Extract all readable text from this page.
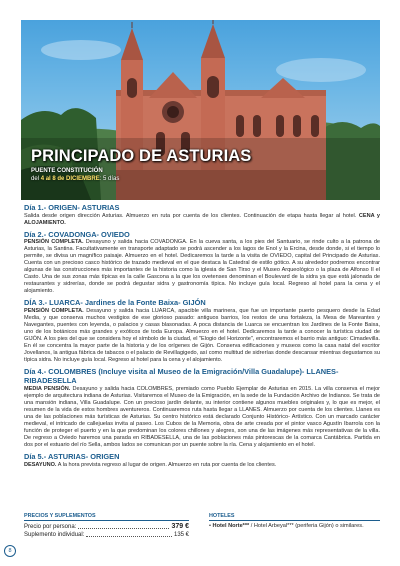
PRINCIPADO DE ASTURIAS
PUENTE CONSTITUCIÓN
del 4 al 8 de DICIEMBRE: 5 días
Día 1.- ORIGEN- ASTURIAS

Salida desde origen dirección Asturias. Almuerzo en ruta por cuenta de los clientes. Continuación de etapa hasta llegar al hotel. CENA y ALOJAMIENTO.

Día 2.- COVADONGA- OVIEDO

PENSIÓN COMPLETA. Desayuno y salida hacia COVADONGA. En la cueva santa, a los pies del Santuario, se rinde culto a la patrona de Asturias, la Santina. Facultativamente en transporte adaptado se podrá ascender a los lagos de Enol y la Ercina, desde donde, si el tiempo lo permite, se divisa un magnífico paisaje. Almuerzo en el hotel. Dedicaremos la tarde a la visita de OVIEDO, capital del Principado de Asturias. Cuenta con un precioso casco histórico de trazado medieval en el que destaca la Catedral de estilo gótico. A su alrededor podremos encontrar algunas de las construcciones más importantes de la historia como la iglesia de San Tirso y el Museo Arqueológico o la plaza de Alfonso II el Casto. Una de sus zonas más típicas es la calle Gascona a la que los ovetenses denominan el Boulevard de la sidra ya que está jalonada de restaurantes y sidrerías, donde se podrá degustar sidra y gastronomía típica. No incluye guía local. Regreso al hotel para la cena y el alojamiento.

DÍA 3.- LUARCA- Jardines de la Fonte Baixa- GIJÓN

PENSIÓN COMPLETA. Desayuno y salida hacia LUARCA, apacible villa marinera, que fue un importante puerto pesquero desde la Edad Media, y que conserva muchos vestigios de ese glorioso pasado: antiguos barrios, los restos de una fortaleza, la Mesa de Mareantes y Navegantes, puentes con leyenda, o palacios y casas blasonadas. A poca distancia de Luarca se encuentran los Jardines de la Fonte Baixa, uno de los botánicos más grandes y exóticos de toda Europa. Almuerzo en el hotel. Dedicaremos la tarde a conocer la turística ciudad de GIJÓN. A los pies del que se considera hoy el símbolo de la ciudad, el "Elogio del Horizonte", encontraremos el barrio más antiguo: Cimadevilla. En él se concentra la mayor parte de la historia y de los orígenes de Gijón. Conserva edificaciones y museos como la casa natal del escritor Jovellanos, la antigua fábrica de tabacos o el palacio de Revillagigedo, así como multitud de sidrerías donde descansar mientras degustamos su típica sidra. No incluye guía local. Regreso al hotel para la cena y el alojamiento.

Día 4.- COLOMBRES (Incluye visita al Museo de la Emigración/Villa Guadalupe)- LLANES- RIBADESELLA

MEDIA PENSIÓN. Desayuno y salida hacia COLOMBRES, premiado como Pueblo Ejemplar de Asturias en 2015. La villa conserva el mejor ejemplo de arquitectura indiana de Asturias. Visitaremos el Museo de la Emigración, en la sede de la Fundación Archivo de Indianos. Se trata de una mansión indiana, Villa Guadalupe. Con un precioso jardín delante, su interior contiene algunos muebles originales y, lo que es mejor, el resumen de la vida de estos hombres aventureros. Continuaremos ruta hasta llegar a LLANES. Almuerzo por cuenta de los clientes. Llanes es una de las poblaciones más turísticas de Asturias. Su centro histórico está declarado Conjunto Histórico- Artístico. Con un marcado carácter medieval, el intricado de callejuelas invita al paseo. Los Cubos de la Memoria, obra de arte creada por el pintor vasco Agustín Ibarrola con la función de proteger el puerto y en la que predominan los colores chillones y alegres, son una de las imágenes más representativas de la villa. De regreso a Oviedo haremos una parada en RIBADESELLA, una de las poblaciones más pintorescas de la comarca Cantábrica. Partida en dos por el estuario del río Sella, ambos lados se comunican por un puente sobre la ría. Cena y alojamiento en el hotel.

Día 5.- ASTURIAS- ORIGEN

DESAYUNO. A la hora prevista regreso al lugar de origen. Almuerzo en ruta por cuenta de los clientes.

PRECIOS Y SUPLEMENTOS
Precio por persona:	379 €
Suplemento individual:	135 €
HOTELES
• Hotel Norte*** / Hotel Arbeyal*** (periferia Gijón) o similares.
8
